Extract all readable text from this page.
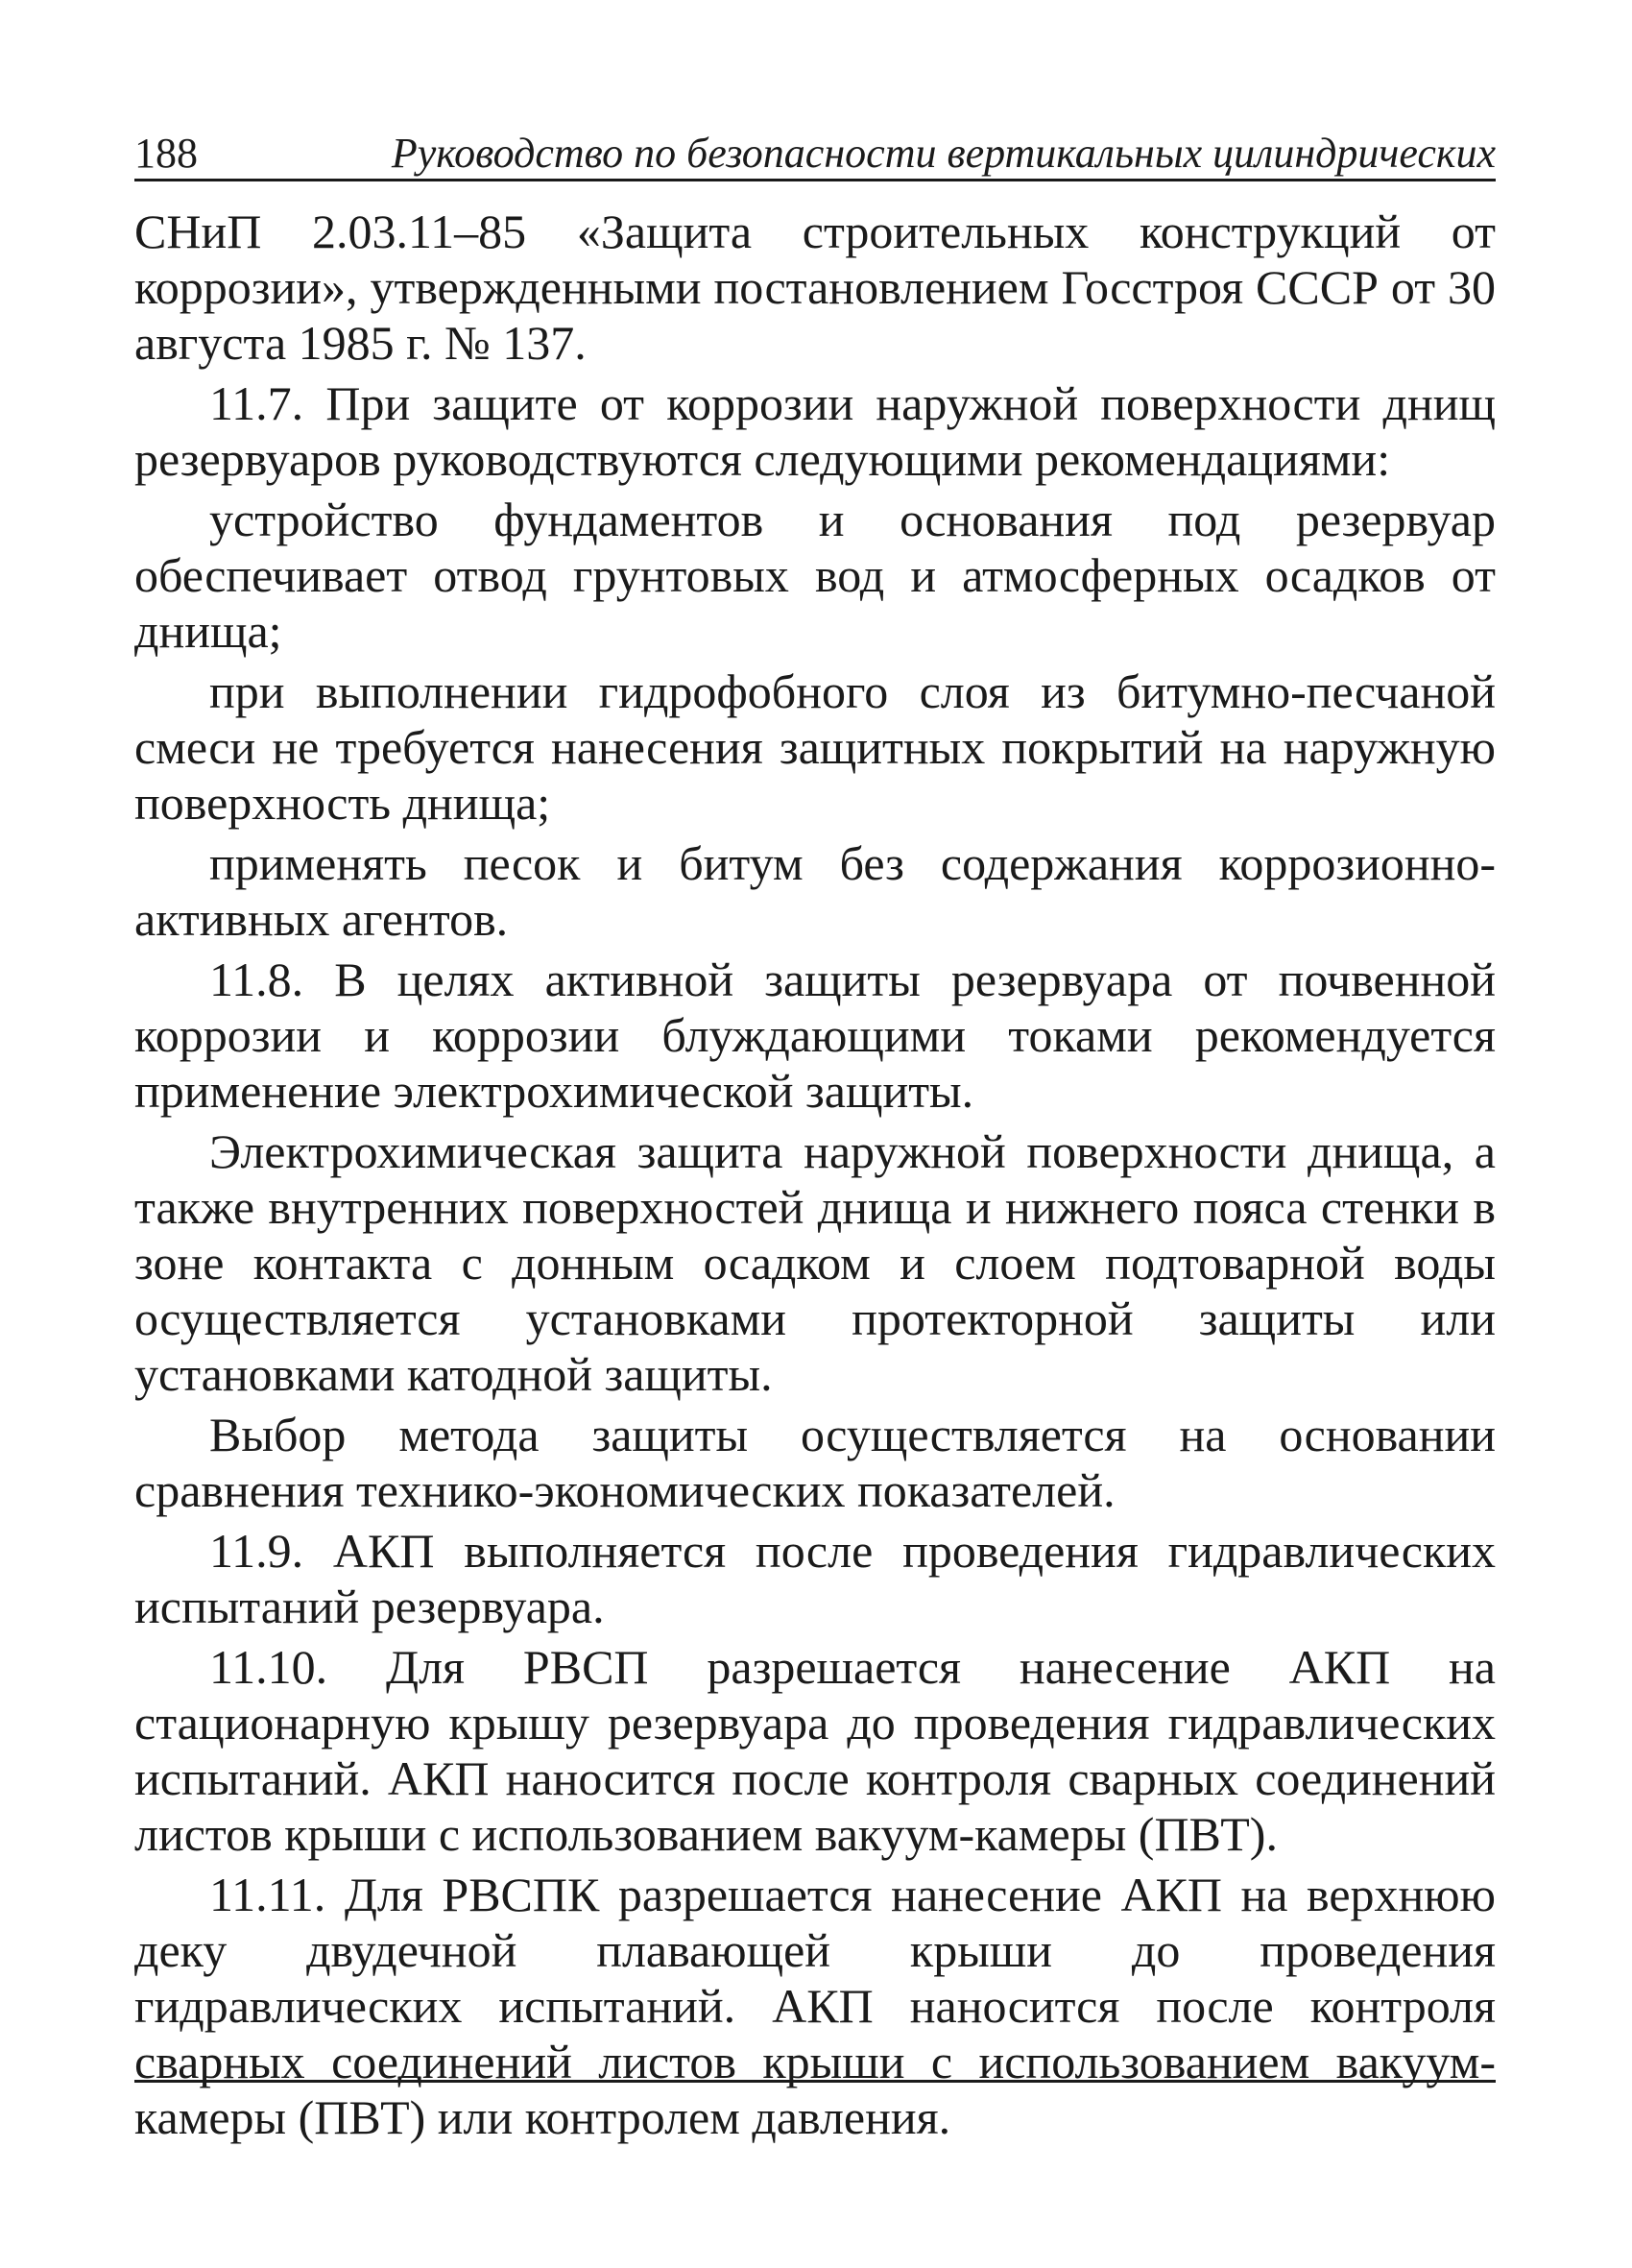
188	Руководство по безопасности вертикальных цилиндрических

СНиП 2.03.11–85 «Защита строительных конструкций от коррозии», утвержденными постановлением Госстроя СССР от 30 августа 1985 г. № 137.

11.7. При защите от коррозии наружной поверхности днищ резервуаров руководствуются следующими рекомендациями:

устройство фундаментов и основания под резервуар обеспечивает отвод грунтовых вод и атмосферных осадков от днища;

при выполнении гидрофобного слоя из битумно-песчаной смеси не требуется нанесения защитных покрытий на наружную поверхность днища;

применять песок и битум без содержания коррозионно-активных агентов.

11.8. В целях активной защиты резервуара от почвенной коррозии и коррозии блуждающими токами рекомендуется применение электрохимической защиты.

Электрохимическая защита наружной поверхности днища, а также внутренних поверхностей днища и нижнего пояса стенки в зоне контакта с донным осадком и слоем подтоварной воды осуществляется установками протекторной защиты или установками катодной защиты.

Выбор метода защиты осуществляется на основании сравнения технико-экономических показателей.

11.9. АКП выполняется после проведения гидравлических испытаний резервуара.

11.10. Для РВСП разрешается нанесение АКП на стационарную крышу резервуара до проведения гидравлических испытаний. АКП наносится после контроля сварных соединений листов крыши с использованием вакуум-камеры (ПВТ).

11.11. Для РВСПК разрешается нанесение АКП на верхнюю деку двудечной плавающей крыши до проведения гидравлических испытаний. АКП наносится после контроля сварных соединений листов крыши с использованием вакуум-камеры (ПВТ) или контролем давления.
